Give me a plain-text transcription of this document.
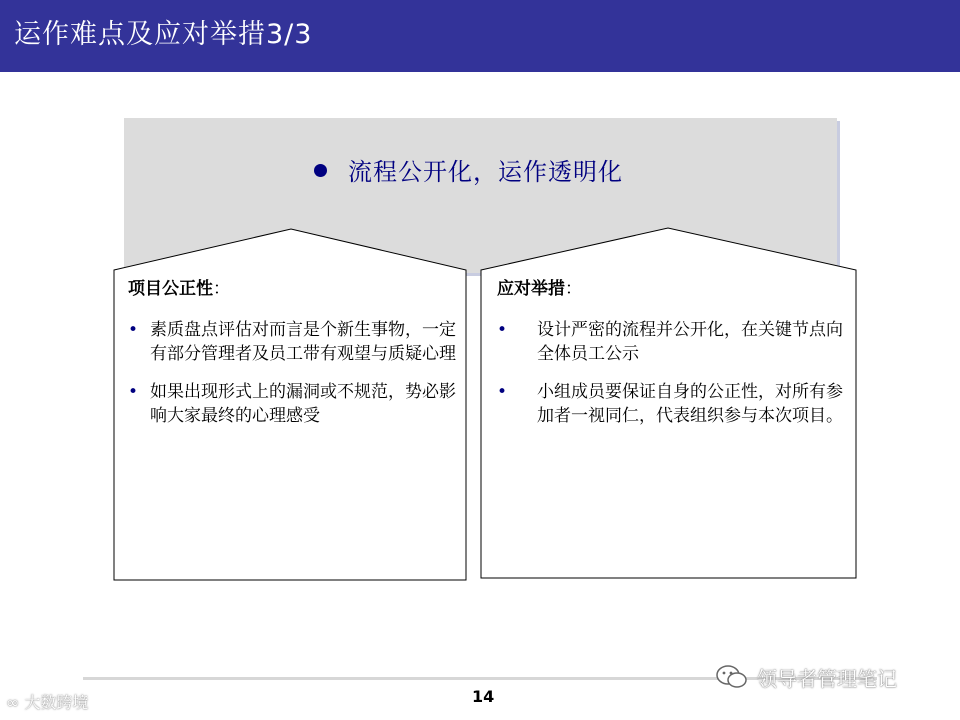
运作难点及应对举措3/3
流程公开化，运作透明化
项目公正性：
• 素质盘点评估对而言是个新生事物，一定有部分管理者及员工带有观望与质疑心理
• 如果出现形式上的漏洞或不规范，势必影响大家最终的心理感受
应对举措：
• 设计严密的流程并公开化，在关键节点向全体员工公示
• 小组成员要保证自身的公正性，对所有参加者一视同仁，代表组织参与本次项目。
14
∞ 大数跨境
领导者管理笔记
